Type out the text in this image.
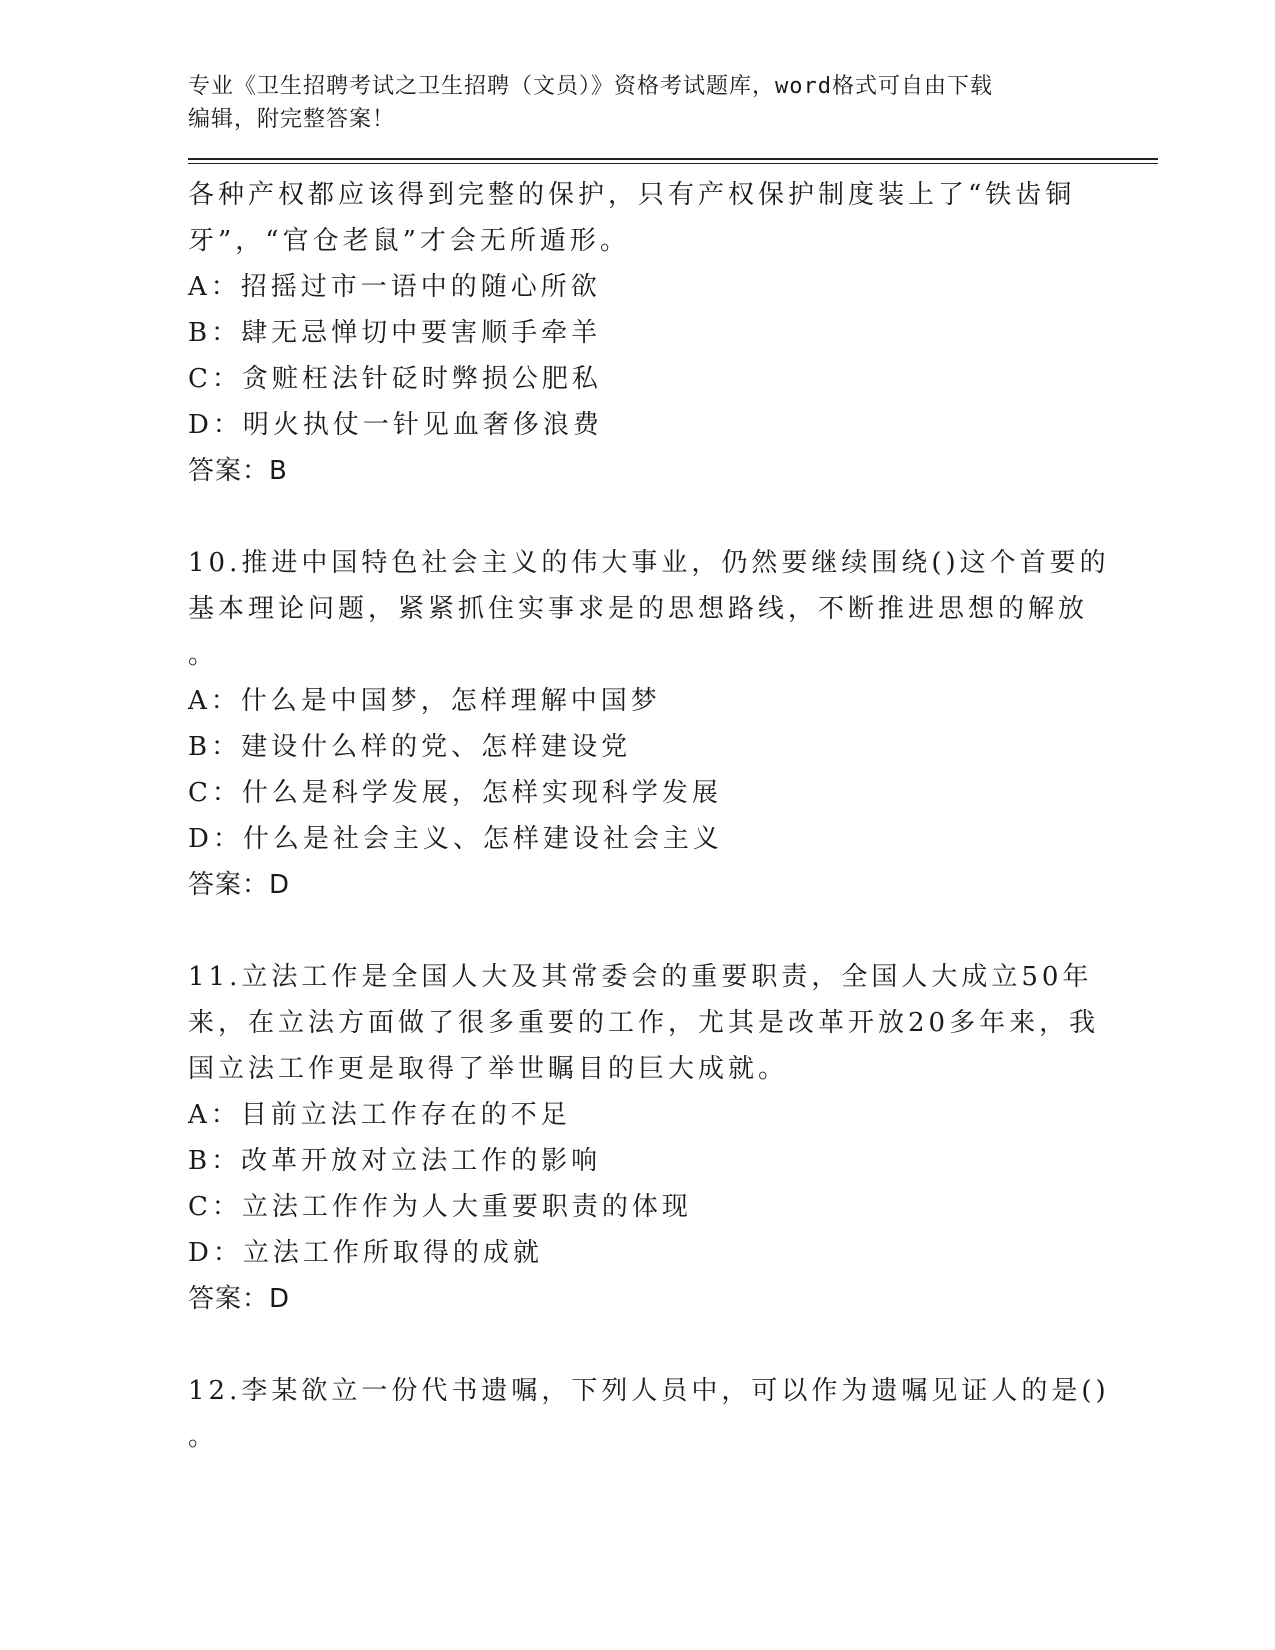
专业《卫生招聘考试之卫生招聘（文员）》资格考试题库，word格式可自由下载
编辑，附完整答案！
各种产权都应该得到完整的保护，只有产权保护制度装上了“铁齿铜
牙”，“官仓老鼠”才会无所遁形。
A：招摇过市一语中的随心所欲
B：肆无忌惮切中要害顺手牵羊
C：贪赃枉法针砭时弊损公肥私
D：明火执仗一针见血奢侈浪费
答案：B
10.推进中国特色社会主义的伟大事业，仍然要继续围绕()这个首要的
基本理论问题，紧紧抓住实事求是的思想路线，不断推进思想的解放
。
A：什么是中国梦，怎样理解中国梦
B：建设什么样的党、怎样建设党
C：什么是科学发展，怎样实现科学发展
D：什么是社会主义、怎样建设社会主义
答案：D
11.立法工作是全国人大及其常委会的重要职责，全国人大成立50年
来，在立法方面做了很多重要的工作，尤其是改革开放20多年来，我
国立法工作更是取得了举世瞩目的巨大成就。
A：目前立法工作存在的不足
B：改革开放对立法工作的影响
C：立法工作作为人大重要职责的体现
D：立法工作所取得的成就
答案：D
12.李某欲立一份代书遗嘱，下列人员中，可以作为遗嘱见证人的是()
。
